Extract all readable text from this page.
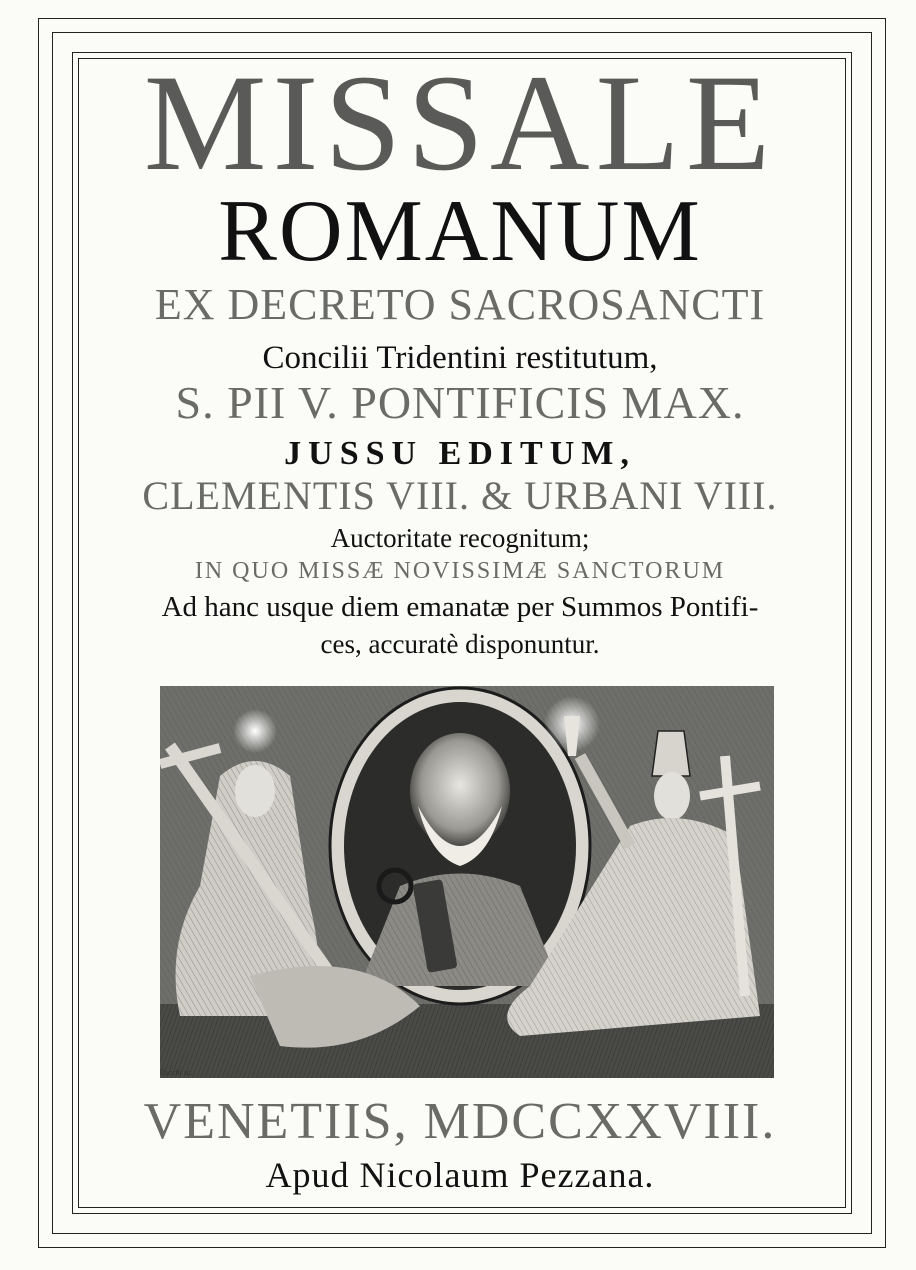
MISSALE
ROMANUM

EX DECRETO SACROSANCTI

Concilii Tridentini restitutum,

S. PII V. PONTIFICIS MAX.

JUSSU EDITUM,

CLEMENTIS VIII. & URBANI VIII.

Auctoritate recognitum;

IN QUO MISSÆ NOVISSIMÆ SANCTORUM

Ad hanc usque diem emanatæ per Summos Pontifi-

ces, accuratè disponuntur.

Zucchi sc.

VENETIIS, MDCCXXVIII.

Apud Nicolaum Pezzana.
